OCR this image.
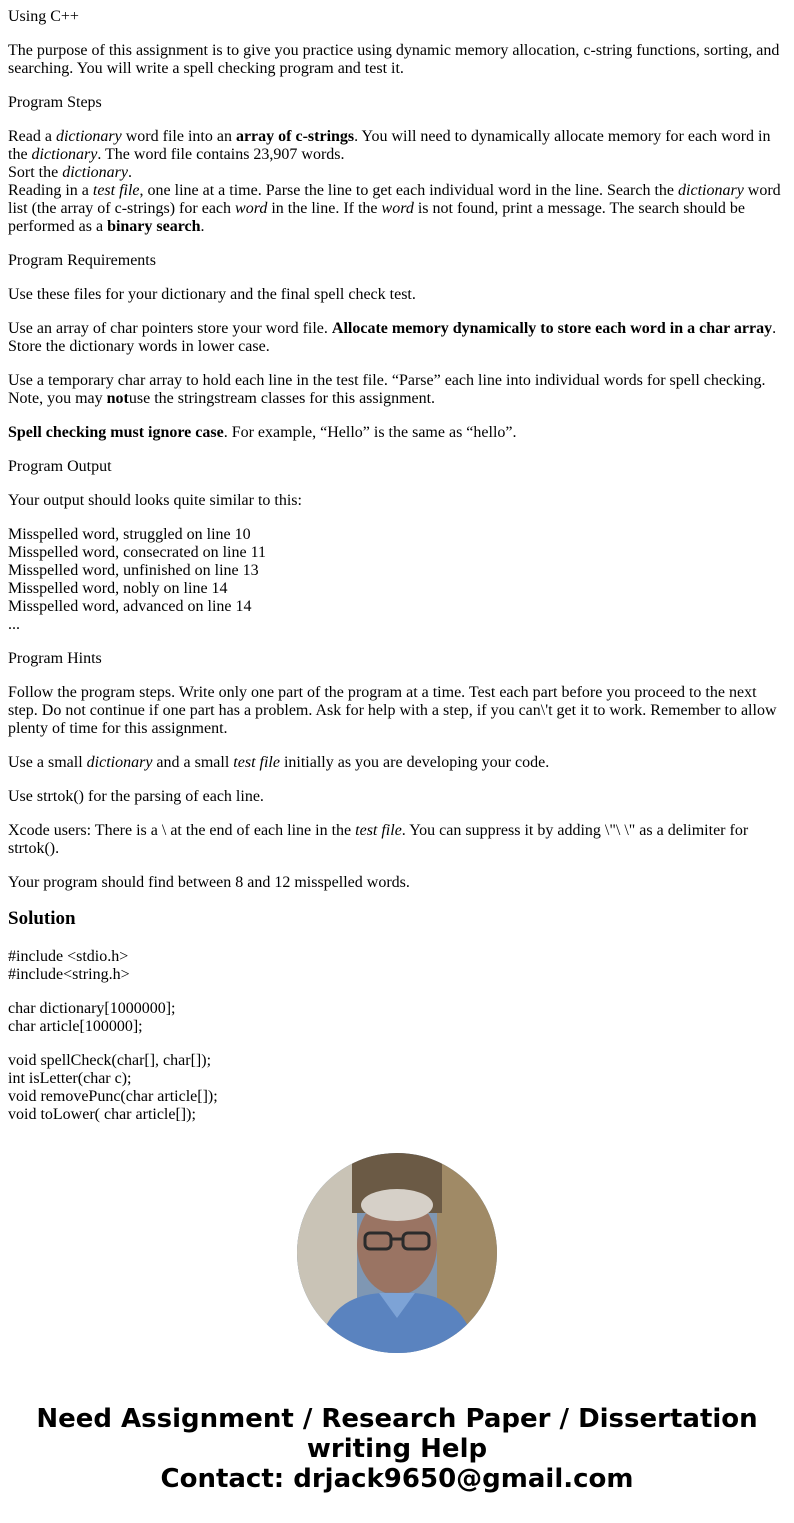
Using C++

The purpose of this assignment is to give you practice using dynamic memory allocation, c-string functions, sorting, and searching. You will write a spell checking program and test it.

Program Steps

Read a dictionary word file into an array of c-strings. You will need to dynamically allocate memory for each word in the dictionary. The word file contains 23,907 words.

Sort the dictionary.

Reading in a test file, one line at a time. Parse the line to get each individual word in the line. Search the dictionary word list (the array of c-strings) for each word in the line. If the word is not found, print a message. The search should be performed as a binary search.

Program Requirements

Use these files for your dictionary and the final spell check test.

Use an array of char pointers store your word file. Allocate memory dynamically to store each word in a char array. Store the dictionary words in lower case.

Use a temporary char array to hold each line in the test file. “Parse” each line into individual words for spell checking. Note, you may notuse the stringstream classes for this assignment.

Spell checking must ignore case. For example, “Hello” is the same as “hello”.

Program Output

Your output should looks quite similar to this:

Misspelled word, struggled on line 10
Misspelled word, consecrated on line 11
Misspelled word, unfinished on line 13
Misspelled word, nobly on line 14
Misspelled word, advanced on line 14
...

Program Hints

Follow the program steps. Write only one part of the program at a time. Test each part before you proceed to the next step. Do not continue if one part has a problem. Ask for help with a step, if you can\'t get it to work. Remember to allow plenty of time for this assignment.

Use a small dictionary and a small test file initially as you are developing your code.

Use strtok() for the parsing of each line.

Xcode users: There is a \ at the end of each line in the test file. You can suppress it by adding \"\ \" as a delimiter for strtok().

Your program should find between 8 and 12 misspelled words.

Solution

#include <stdio.h>
#include<string.h>

char dictionary[1000000];
char article[100000];

void spellCheck(char[], char[]);
int isLetter(char c);
void removePunc(char article[]);
void toLower( char article[]);

Need Assignment / Research Paper / Dissertation
writing Help
Contact: drjack9650@gmail.com
